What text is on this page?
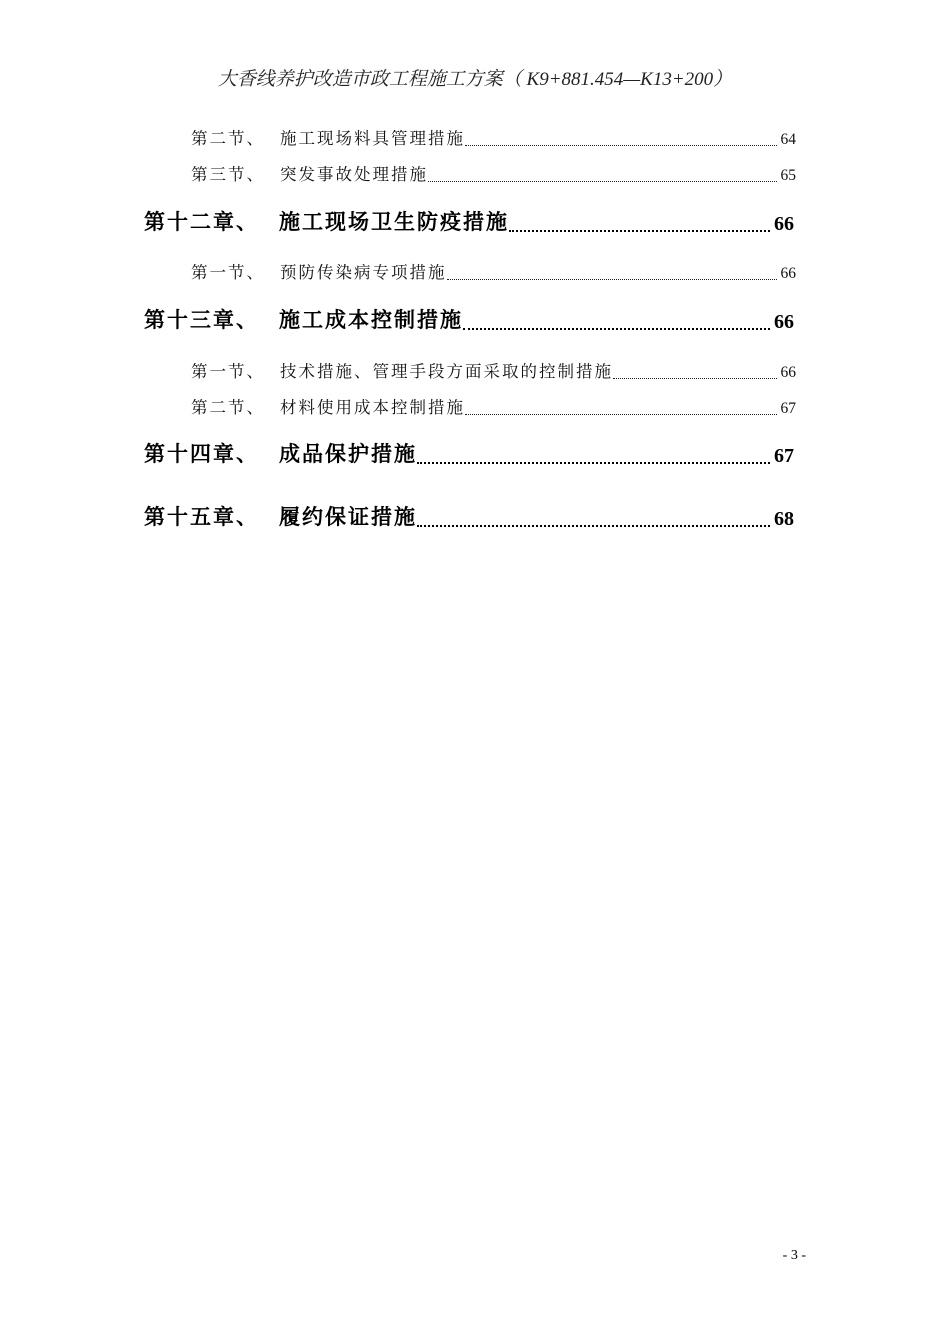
大香线养护改造市政工程施工方案（ K9+881.454—K13+200）
第二节、 施工现场料具管理措施	64
第三节、 突发事故处理措施	65
第十二章、 施工现场卫生防疫措施	66
第一节、 预防传染病专项措施	66
第十三章、 施工成本控制措施	66
第一节、 技术措施、管理手段方面采取的控制措施	66
第二节、 材料使用成本控制措施	67
第十四章、 成品保护措施	67
第十五章、 履约保证措施	68
- 3 -
